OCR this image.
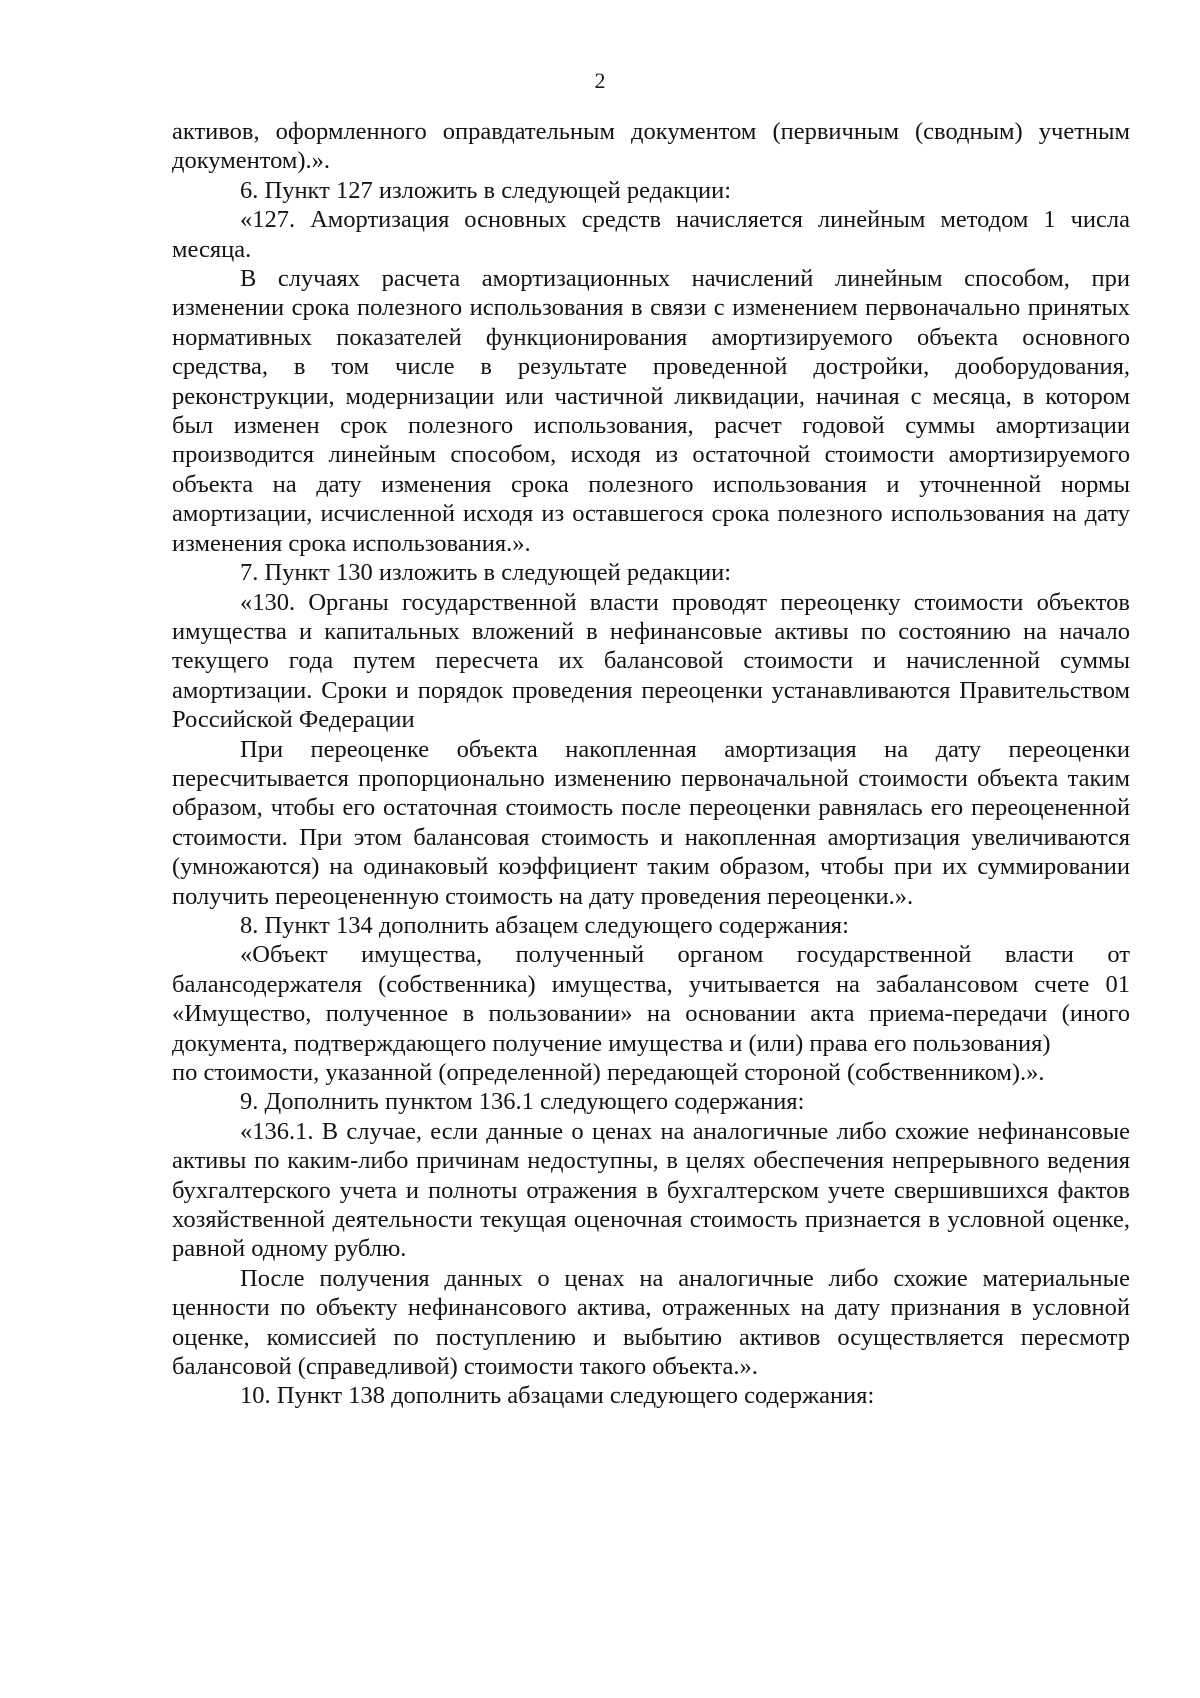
2

активов, оформленного оправдательным документом (первичным (сводным) учетным документом).».

6. Пункт 127 изложить в следующей редакции:

«127. Амортизация основных средств начисляется линейным методом 1 числа месяца.

В случаях расчета амортизационных начислений линейным способом, при изменении срока полезного использования в связи с изменением первоначально принятых нормативных показателей функционирования амортизируемого объекта основного средства, в том числе в результате проведенной достройки, дооборудования, реконструкции, модернизации или частичной ликвидации, начиная с месяца, в котором был изменен срок полезного использования, расчет годовой суммы амортизации производится линейным способом, исходя из остаточной стоимости амортизируемого объекта на дату изменения срока полезного использования и уточненной нормы амортизации, исчисленной исходя из оставшегося срока полезного использования на дату изменения срока использования.».

7. Пункт 130 изложить в следующей редакции:

«130. Органы государственной власти проводят переоценку стоимости объектов имущества и капитальных вложений в нефинансовые активы по состоянию на начало текущего года путем пересчета их балансовой стоимости и начисленной суммы амортизации. Сроки и порядок проведения переоценки устанавливаются Правительством Российской Федерации

При переоценке объекта накопленная амортизация на дату переоценки пересчитывается пропорционально изменению первоначальной стоимости объекта таким образом, чтобы его остаточная стоимость после переоценки равнялась его переоцененной стоимости. При этом балансовая стоимость и накопленная амортизация увеличиваются (умножаются) на одинаковый коэффициент таким образом, чтобы при их суммировании получить переоцененную стоимость на дату проведения переоценки.».

8. Пункт 134 дополнить абзацем следующего содержания:

«Объект имущества, полученный органом государственной власти от балансодержателя (собственника) имущества, учитывается на забалансовом счете 01 «Имущество, полученное в пользовании» на основании акта приема-передачи (иного документа, подтверждающего получение имущества и (или) права его пользования)

по стоимости, указанной (определенной) передающей стороной (собственником).».

9. Дополнить пунктом 136.1 следующего содержания:

«136.1. В случае, если данные о ценах на аналогичные либо схожие нефинансовые активы по каким-либо причинам недоступны, в целях обеспечения непрерывного ведения бухгалтерского учета и полноты отражения в бухгалтерском учете свершившихся фактов хозяйственной деятельности текущая оценочная стоимость признается в условной оценке, равной одному рублю.

После получения данных о ценах на аналогичные либо схожие материальные ценности по объекту нефинансового актива, отраженных на дату признания в условной оценке, комиссией по поступлению и выбытию активов осуществляется пересмотр балансовой (справедливой) стоимости такого объекта.».

10. Пункт 138 дополнить абзацами следующего содержания:
